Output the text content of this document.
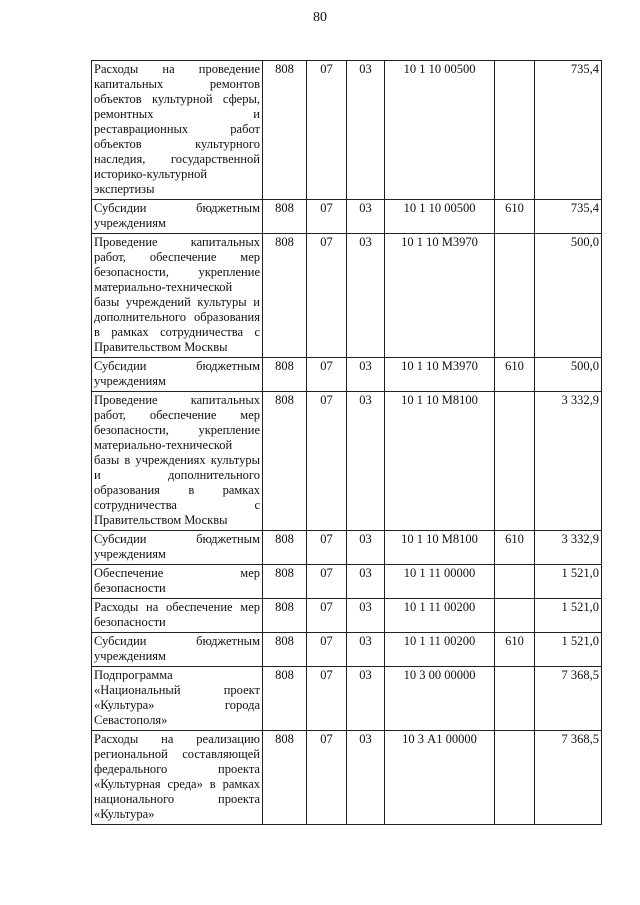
80
Расходы на проведение капитальных ремонтов объектов культурной сферы, ремонтных и реставрационных работ объектов культурного наследия, государственной историко-культурной экспертизы	808	07	03	10 1 10 00500		735,4
Субсидии бюджетным учреждениям	808	07	03	10 1 10 00500	610	735,4
Проведение капитальных работ, обеспечение мер безопасности, укрепление материально-технической базы учреждений культуры и дополнительного образования в рамках сотрудничества с Правительством Москвы	808	07	03	10 1 10 М3970		500,0
Субсидии бюджетным учреждениям	808	07	03	10 1 10 М3970	610	500,0
Проведение капитальных работ, обеспечение мер безопасности, укрепление материально-технической базы в учреждениях культуры и дополнительного образования в рамках сотрудничества с Правительством Москвы	808	07	03	10 1 10 М8100		3 332,9
Субсидии бюджетным учреждениям	808	07	03	10 1 10 М8100	610	3 332,9
Обеспечение мер безопасности	808	07	03	10 1 11 00000		1 521,0
Расходы на обеспечение мер безопасности	808	07	03	10 1 11 00200		1 521,0
Субсидии бюджетным учреждениям	808	07	03	10 1 11 00200	610	1 521,0
Подпрограмма «Национальный проект «Культура» города Севастополя»	808	07	03	10 3 00 00000		7 368,5
Расходы на реализацию региональной составляющей федерального проекта «Культурная среда» в рамках национального проекта «Культура»	808	07	03	10 3 А1 00000		7 368,5
